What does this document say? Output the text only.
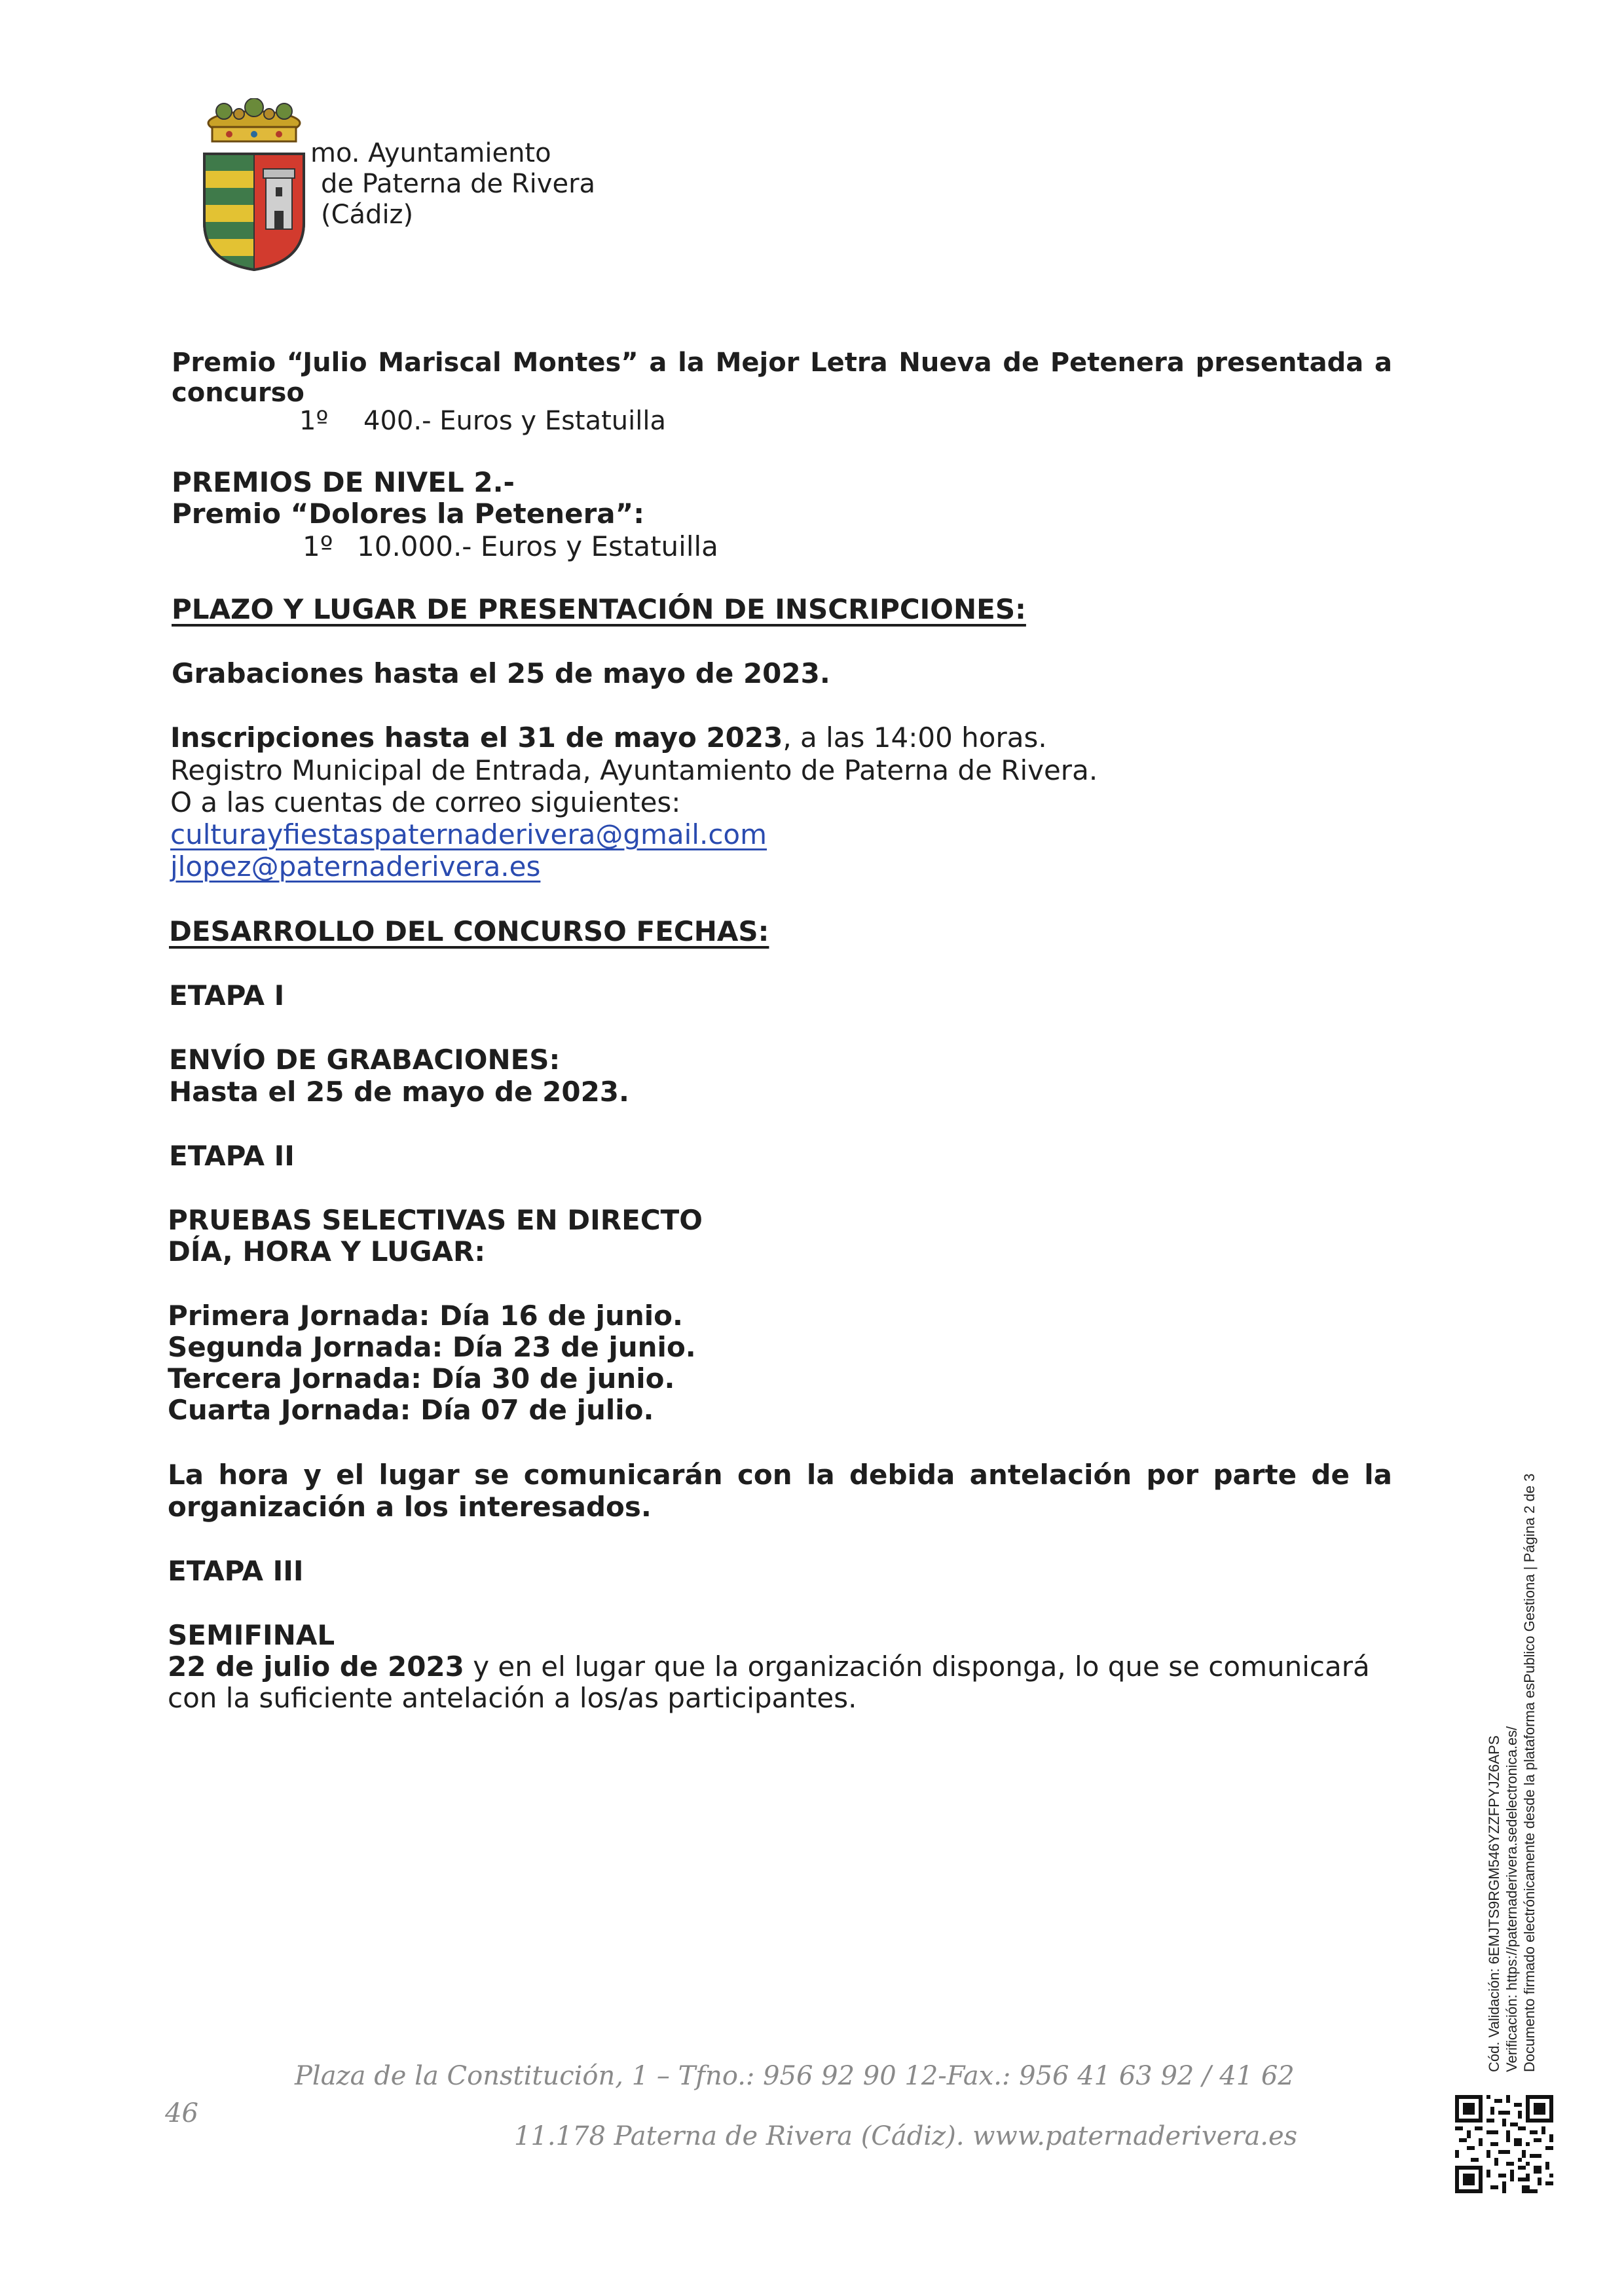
mo. Ayuntamiento
de Paterna de Rivera
(Cádiz)
Premio “Julio Mariscal Montes” a la Mejor Letra Nueva de Petenera presentada a
concurso
1º 400.- Euros y Estatuilla
PREMIOS DE NIVEL 2.-
Premio “Dolores la Petenera”:
1º 10.000.- Euros y Estatuilla
PLAZO Y LUGAR DE PRESENTACIÓN DE INSCRIPCIONES:
Grabaciones hasta el 25 de mayo de 2023.
Inscripciones hasta el 31 de mayo 2023, a las 14:00 horas.
Registro Municipal de Entrada, Ayuntamiento de Paterna de Rivera.
O a las cuentas de correo siguientes:
culturayfiestaspaternaderivera@gmail.com
jlopez@paternaderivera.es
DESARROLLO DEL CONCURSO FECHAS:
ETAPA I
ENVÍO DE GRABACIONES:
Hasta el 25 de mayo de 2023.
ETAPA II
PRUEBAS SELECTIVAS EN DIRECTO
DÍA, HORA Y LUGAR:
Primera Jornada: Día 16 de junio.
Segunda Jornada: Día 23 de junio.
Tercera Jornada: Día 30 de junio.
Cuarta Jornada: Día 07 de julio.
La hora y el lugar se comunicarán con la debida antelación por parte de la
organización a los interesados.
ETAPA III
SEMIFINAL
22 de julio de 2023 y en el lugar que la organización disponga, lo que se comunicará
con la suficiente antelación a los/as participantes.
Plaza de la Constitución, 1 – Tfno.: 956 92 90 12-Fax.: 956 41 63 92 / 41 62
46
11.178 Paterna de Rivera (Cádiz). www.paternaderivera.es
Cód. Validación: 6EMJTS9RGM546YZZFPYJZ6APS Verificación: https://paternaderivera.sedelectronica.es/ Documento firmado electrónicamente desde la plataforma esPublico Gestiona | Página 2 de 3
